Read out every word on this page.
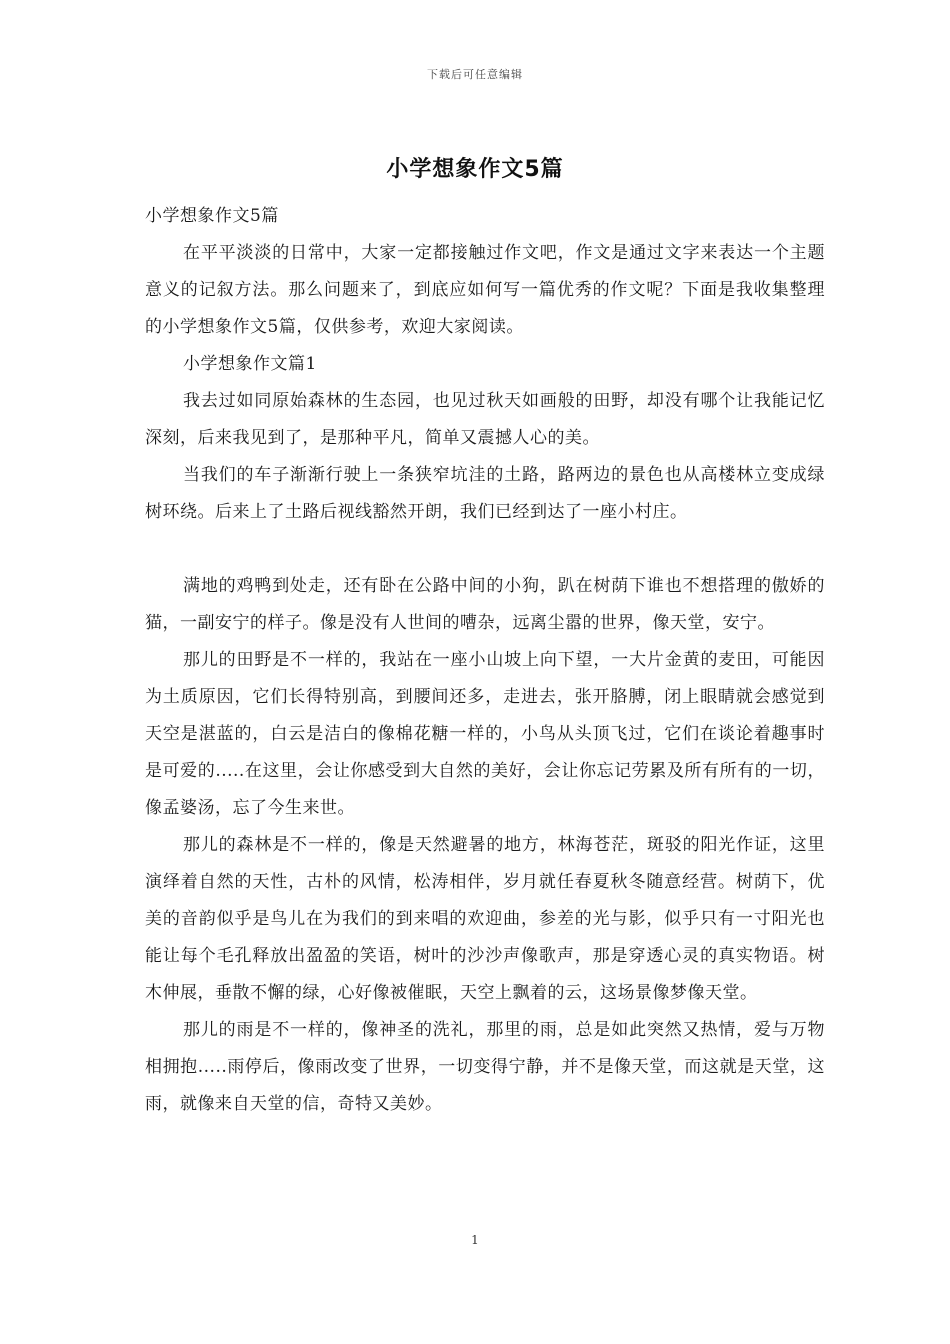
下载后可任意编辑
小学想象作文5篇

小学想象作文5篇

在平平淡淡的日常中，大家一定都接触过作文吧，作文是通过文字来表达一个主题意义的记叙方法。那么问题来了，到底应如何写一篇优秀的作文呢？下面是我收集整理的小学想象作文5篇，仅供参考，欢迎大家阅读。

小学想象作文篇1

我去过如同原始森林的生态园，也见过秋天如画般的田野，却没有哪个让我能记忆深刻，后来我见到了，是那种平凡，简单又震撼人心的美。

当我们的车子渐渐行驶上一条狭窄坑洼的土路，路两边的景色也从高楼林立变成绿树环绕。后来上了土路后视线豁然开朗，我们已经到达了一座小村庄。

满地的鸡鸭到处走，还有卧在公路中间的小狗，趴在树荫下谁也不想搭理的傲娇的猫，一副安宁的样子。像是没有人世间的嘈杂，远离尘嚣的世界，像天堂，安宁。

那儿的田野是不一样的，我站在一座小山坡上向下望，一大片金黄的麦田，可能因为土质原因，它们长得特别高，到腰间还多，走进去，张开胳膊，闭上眼睛就会感觉到天空是湛蓝的，白云是洁白的像棉花糖一样的，小鸟从头顶飞过，它们在谈论着趣事时是可爱的.....在这里，会让你感受到大自然的美好，会让你忘记劳累及所有所有的一切，像孟婆汤，忘了今生来世。

那儿的森林是不一样的，像是天然避暑的地方，林海苍茫，斑驳的阳光作证，这里演绎着自然的天性，古朴的风情，松涛相伴，岁月就任春夏秋冬随意经营。树荫下，优美的音韵似乎是鸟儿在为我们的到来唱的欢迎曲，参差的光与影，似乎只有一寸阳光也能让每个毛孔释放出盈盈的笑语，树叶的沙沙声像歌声，那是穿透心灵的真实物语。树木伸展，垂散不懈的绿，心好像被催眠，天空上飘着的云，这场景像梦像天堂。

那儿的雨是不一样的，像神圣的洗礼，那里的雨，总是如此突然又热情，爱与万物相拥抱.....雨停后，像雨改变了世界，一切变得宁静，并不是像天堂，而这就是天堂，这雨，就像来自天堂的信，奇特又美妙。

1
